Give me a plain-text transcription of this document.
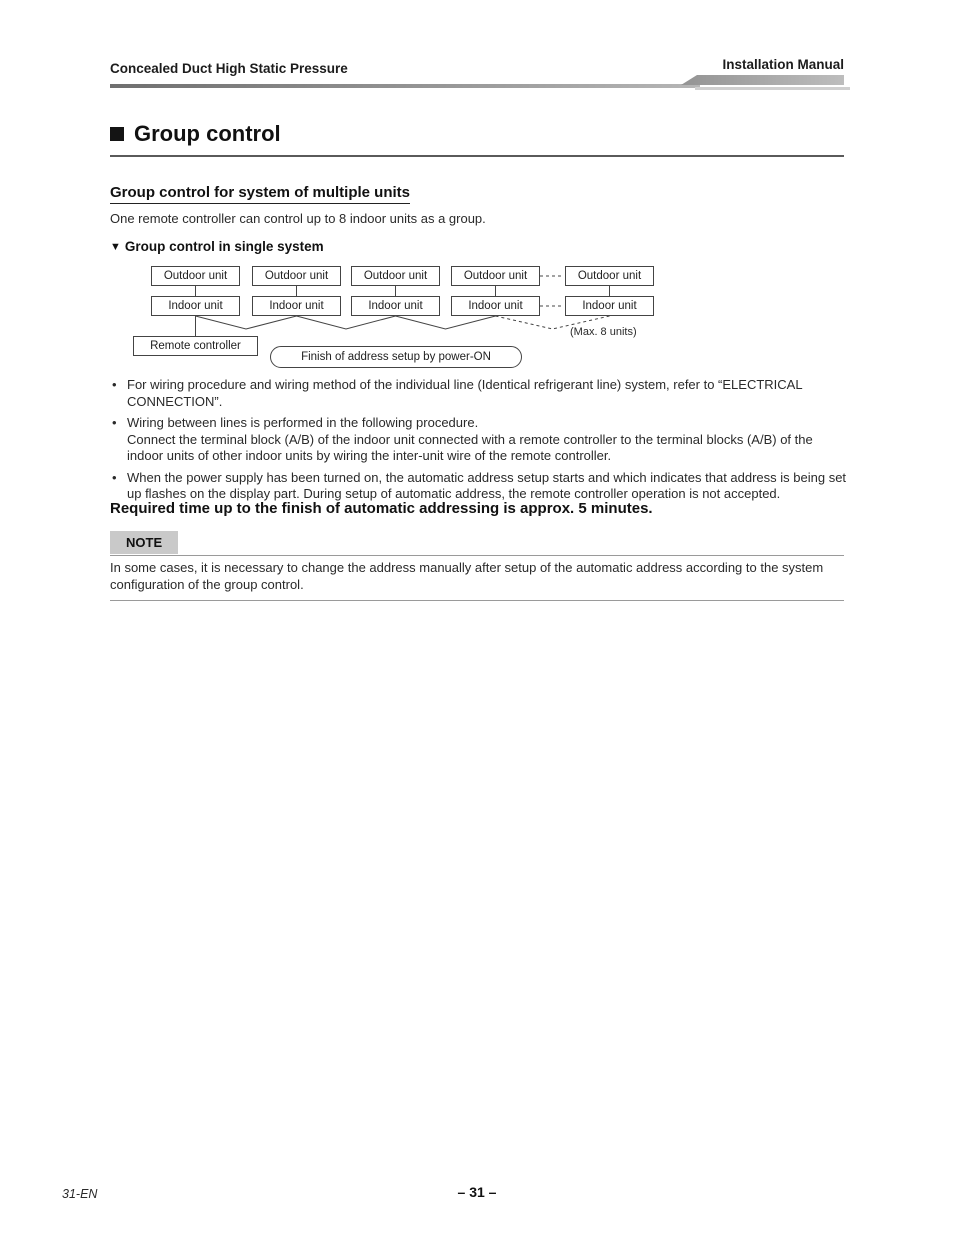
Concealed Duct High Static Pressure	Installation Manual
Group control
Group control for system of multiple units
One remote controller can control up to 8 indoor units as a group.
▼ Group control in single system
Outdoor unit	Outdoor unit	Outdoor unit	Outdoor unit	Outdoor unit
Indoor unit	Indoor unit	Indoor unit	Indoor unit	Indoor unit
(Max. 8 units)
Remote controller
Finish of address setup by power-ON
• For wiring procedure and wiring method of the individual line (Identical refrigerant line) system, refer to “ELECTRICAL CONNECTION”.
• Wiring between lines is performed in the following procedure.
Connect the terminal block (A/B) of the indoor unit connected with a remote controller to the terminal blocks (A/B) of the indoor units of other indoor units by wiring the inter-unit wire of the remote controller.
• When the power supply has been turned on, the automatic address setup starts and which indicates that address is being set up flashes on the display part. During setup of automatic address, the remote controller operation is not accepted.
Required time up to the finish of automatic addressing is approx. 5 minutes.
NOTE
In some cases, it is necessary to change the address manually after setup of the automatic address according to the system configuration of the group control.
31-EN	– 31 –
